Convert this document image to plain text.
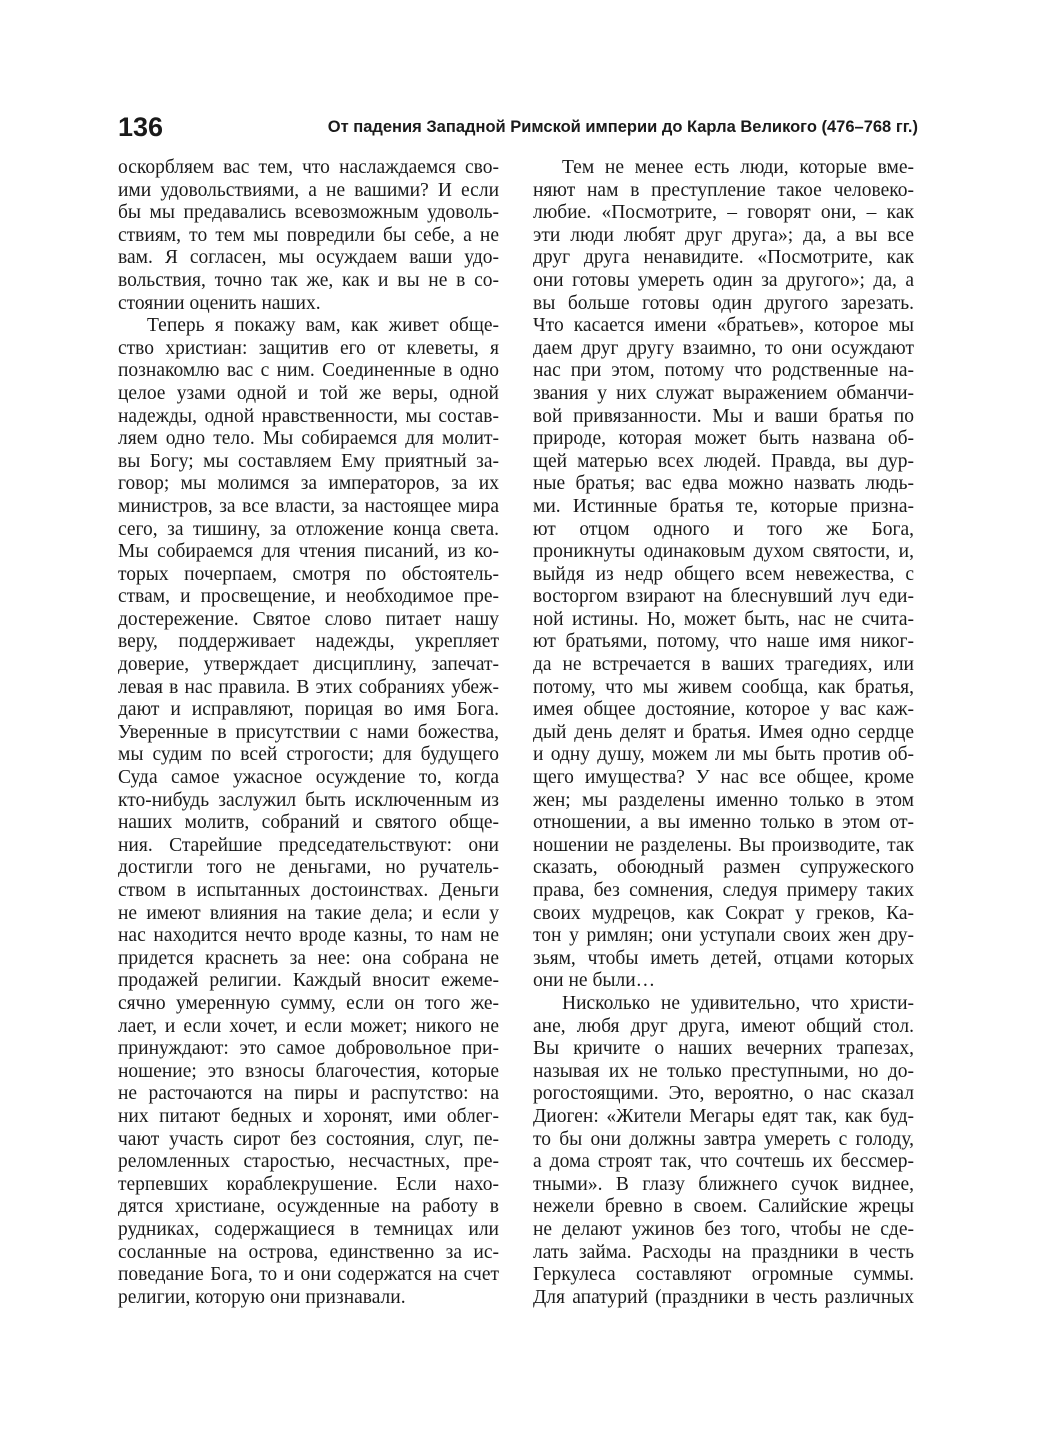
136	От падения Западной Римской империи до Карла Великого (476–768 гг.)
оскорбляем вас тем, что наслаждаемся сво-
ими удовольствиями, а не вашими? И если
бы мы предавались всевозможным удоволь-
ствиям, то тем мы повредили бы себе, а не
вам. Я согласен, мы осуждаем ваши удо-
вольствия, точно так же, как и вы не в со-
стоянии оценить наших.
Теперь я покажу вам, как живет обще-
ство христиан: защитив его от клеветы, я
познакомлю вас с ним. Соединенные в одно
целое узами одной и той же веры, одной
надежды, одной нравственности, мы состав-
ляем одно тело. Мы собираемся для молит-
вы Богу; мы составляем Ему приятный за-
говор; мы молимся за императоров, за их
министров, за все власти, за настоящее мира
сего, за тишину, за отложение конца света.
Мы собираемся для чтения писаний, из ко-
торых почерпаем, смотря по обстоятель-
ствам, и просвещение, и необходимое пре-
достережение. Святое слово питает нашу
веру, поддерживает надежды, укрепляет
доверие, утверждает дисциплину, запечат-
левая в нас правила. В этих собраниях убеж-
дают и исправляют, порицая во имя Бога.
Уверенные в присутствии с нами божества,
мы судим по всей строгости; для будущего
Суда самое ужасное осуждение то, когда
кто-нибудь заслужил быть исключенным из
наших молитв, собраний и святого обще-
ния. Старейшие председательствуют: они
достигли того не деньгами, но ручатель-
ством в испытанных достоинствах. Деньги
не имеют влияния на такие дела; и если у
нас находится нечто вроде казны, то нам не
придется краснеть за нее: она собрана не
продажей религии. Каждый вносит ежеме-
сячно умеренную сумму, если он того же-
лает, и если хочет, и если может; никого не
принуждают: это самое добровольное при-
ношение; это взносы благочестия, которые
не расточаются на пиры и распутство: на
них питают бедных и хоронят, ими облег-
чают участь сирот без состояния, слуг, пе-
реломленных старостью, несчастных, пре-
терпевших кораблекрушение. Если нахо-
дятся христиане, осужденные на работу в
рудниках, содержащиеся в темницах или
сосланные на острова, единственно за ис-
поведание Бога, то и они содержатся на счет
религии, которую они признавали.
Тем не менее есть люди, которые вме-
няют нам в преступление такое человеко-
любие. «Посмотрите, – говорят они, – как
эти люди любят друг друга»; да, а вы все
друг друга ненавидите. «Посмотрите, как
они готовы умереть один за другого»; да, а
вы больше готовы один другого зарезать.
Что касается имени «братьев», которое мы
даем друг другу взаимно, то они осуждают
нас при этом, потому что родственные на-
звания у них служат выражением обманчи-
вой привязанности. Мы и ваши братья по
природе, которая может быть названа об-
щей матерью всех людей. Правда, вы дур-
ные братья; вас едва можно назвать людь-
ми. Истинные братья те, которые призна-
ют отцом одного и того же Бога,
проникнуты одинаковым духом святости, и,
выйдя из недр общего всем невежества, с
восторгом взирают на блеснувший луч еди-
ной истины. Но, может быть, нас не счита-
ют братьями, потому, что наше имя никог-
да не встречается в ваших трагедиях, или
потому, что мы живем сообща, как братья,
имея общее достояние, которое у вас каж-
дый день делят и братья. Имея одно сердце
и одну душу, можем ли мы быть против об-
щего имущества? У нас все общее, кроме
жен; мы разделены именно только в этом
отношении, а вы именно только в этом от-
ношении не разделены. Вы производите, так
сказать, обоюдный размен супружеского
права, без сомнения, следуя примеру таких
своих мудрецов, как Сократ у греков, Ка-
тон у римлян; они уступали своих жен дру-
зьям, чтобы иметь детей, отцами которых
они не были…
Нисколько не удивительно, что христи-
ане, любя друг друга, имеют общий стол.
Вы кричите о наших вечерних трапезах,
называя их не только преступными, но до-
рогостоящими. Это, вероятно, о нас сказал
Диоген: «Жители Мегары едят так, как буд-
то бы они должны завтра умереть с голоду,
а дома строят так, что сочтешь их бессмер-
тными». В глазу ближнего сучок виднее,
нежели бревно в своем. Салийские жрецы
не делают ужинов без того, чтобы не сде-
лать займа. Расходы на праздники в честь
Геркулеса составляют огромные суммы.
Для апатурий (праздники в честь различных
